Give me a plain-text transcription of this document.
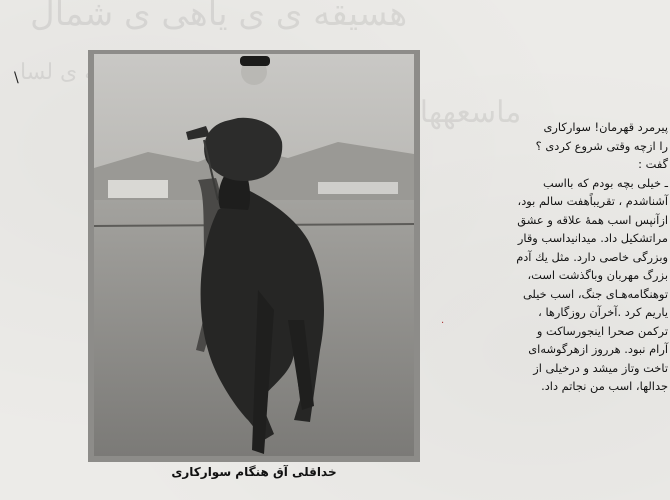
هسیقه ی ی یاهی ی شمال
ماسعههاسی
ی لسا
\
.
خداقلی آق هنگام سوارکاری
پیرمرد قهرمان! سوارکاری
را ازچه وقتی شروع کردی ؟
گفت :
ـ خیلی بچه بودم که بااسب
آشناشدم ، تقریباًهفت سالم بود،
ازآنپس اسب همهٔ علاقه و عشق
مراتشکیل داد. میدانیداسب وقار
وبزرگی خاصی دارد. مثل یك آدم
بزرگ مهربان وباگذشت است،
توهنگامه‌هـای جنگ، اسب خیلی
یاریم کرد .آخرآن روزگارها ،
ترکمن صحرا اینجورساکت و
آرام نبود. هرروز ازهرگوشه‌ای
تاخت وتاز میشد و درخیلی از
جدالها، اسب من نجاتم داد.
